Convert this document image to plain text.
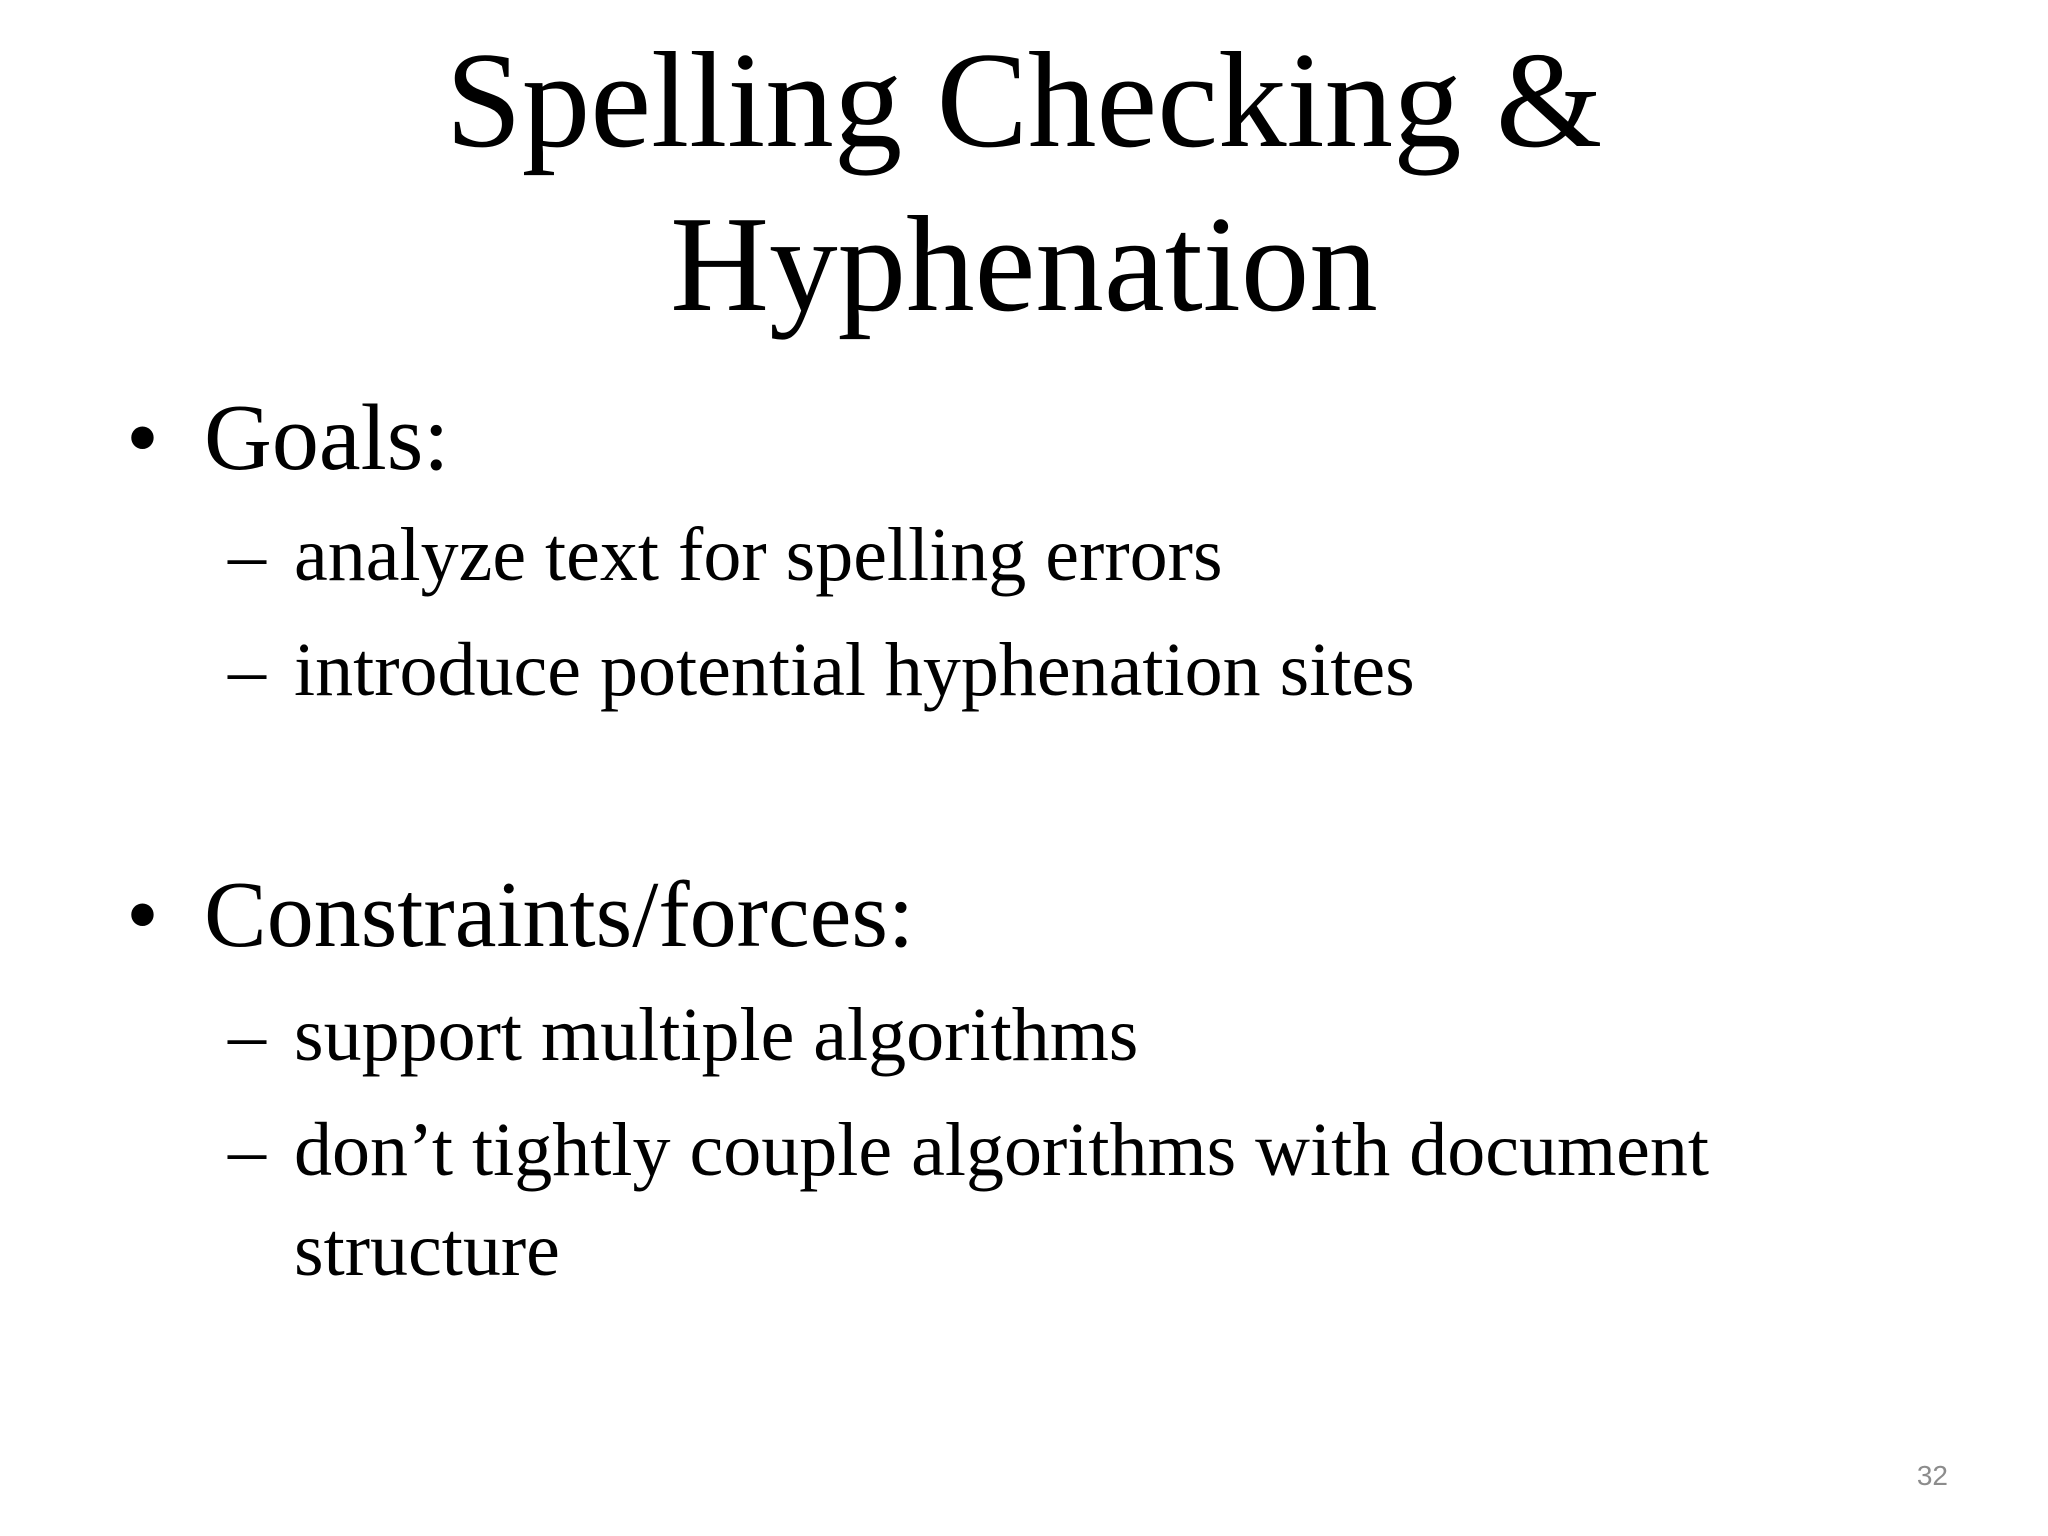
Spelling Checking &
Hyphenation
• Goals:
– analyze text for spelling errors
– introduce potential hyphenation sites
• Constraints/forces:
– support multiple algorithms
– don’t tightly couple algorithms with document
structure
32
